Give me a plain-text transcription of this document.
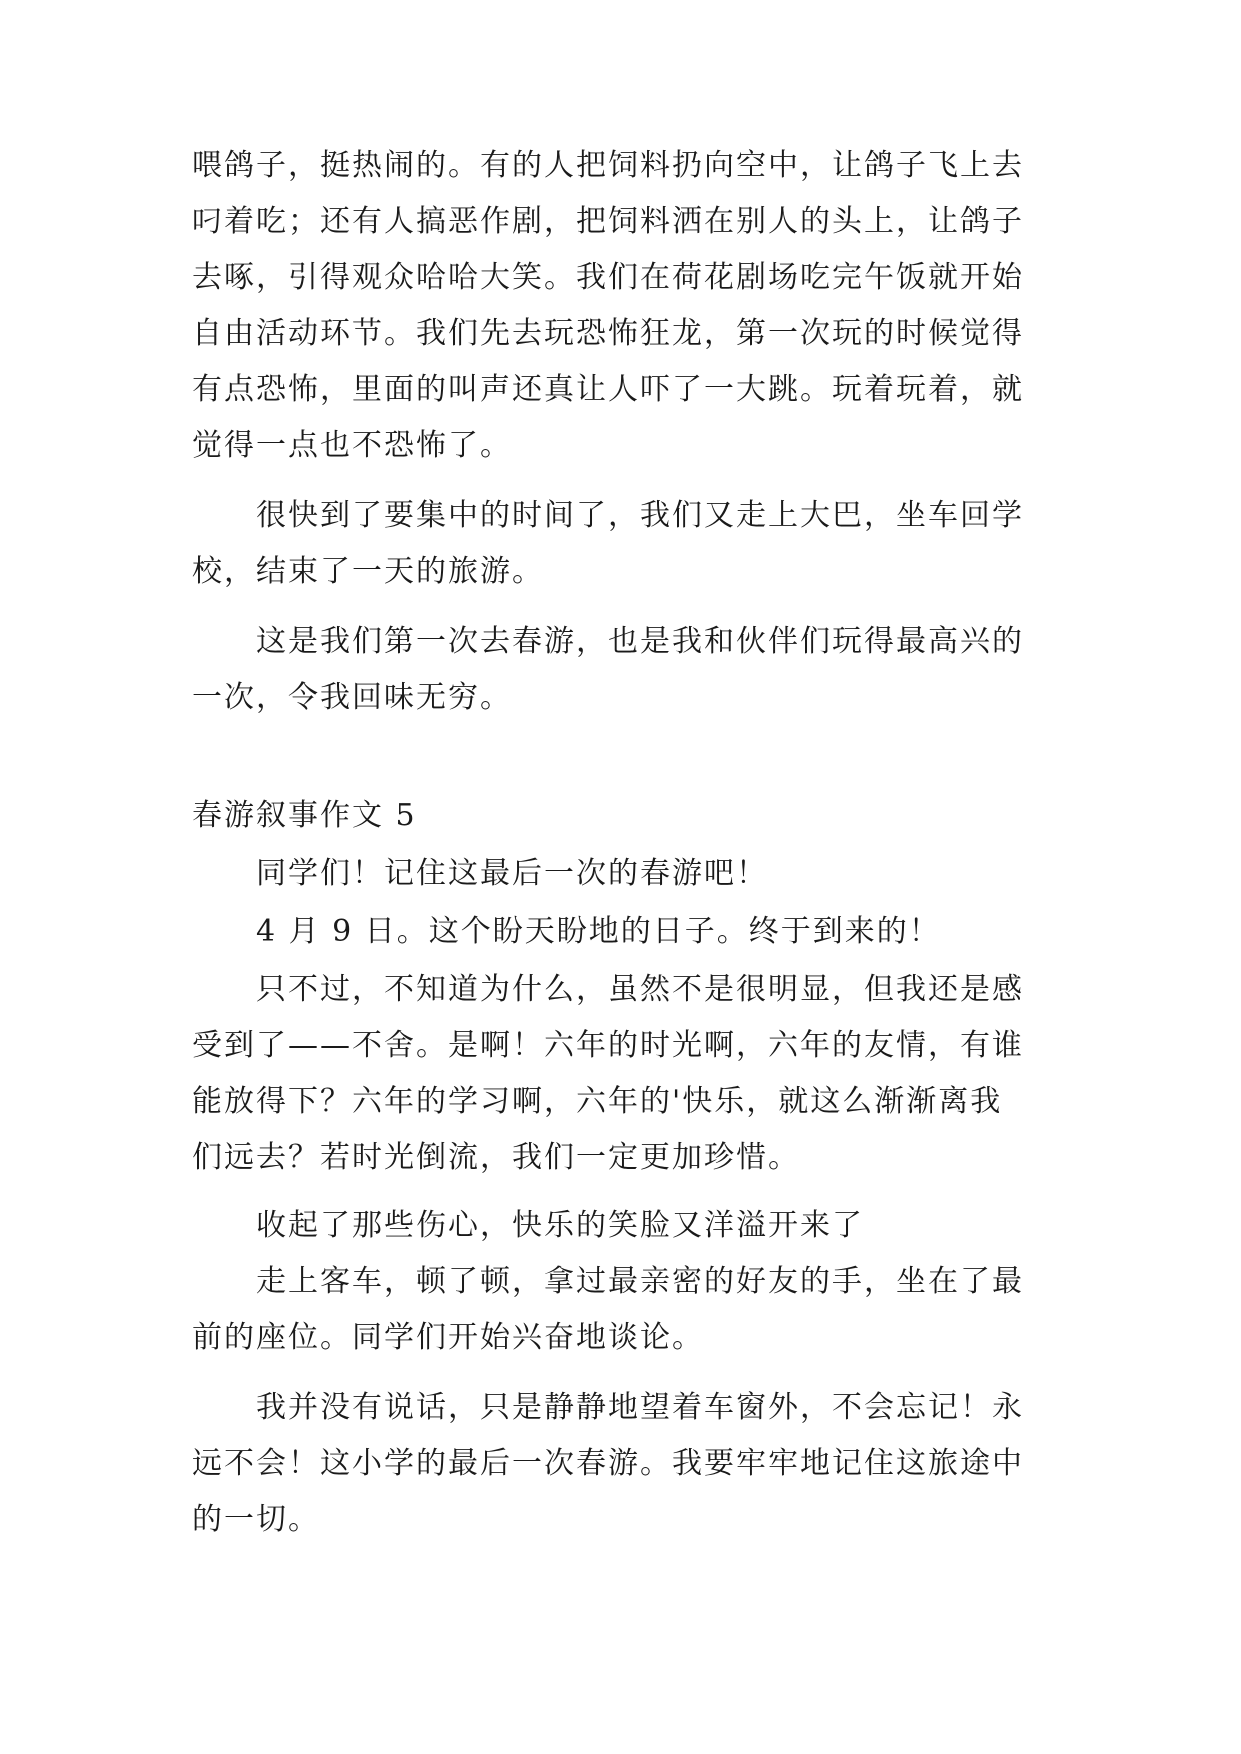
喂鸽子，挺热闹的。有的人把饲料扔向空中，让鸽子飞上去
叼着吃；还有人搞恶作剧，把饲料洒在别人的头上，让鸽子
去啄，引得观众哈哈大笑。我们在荷花剧场吃完午饭就开始
自由活动环节。我们先去玩恐怖狂龙，第一次玩的时候觉得
有点恐怖，里面的叫声还真让人吓了一大跳。玩着玩着，就
觉得一点也不恐怖了。
很快到了要集中的时间了，我们又走上大巴，坐车回学
校，结束了一天的旅游。
这是我们第一次去春游，也是我和伙伴们玩得最高兴的
一次，令我回味无穷。
春游叙事作文 5
同学们！记住这最后一次的春游吧！
4 月 9 日。这个盼天盼地的日子。终于到来的！
只不过，不知道为什么，虽然不是很明显，但我还是感
受到了——不舍。是啊！六年的时光啊，六年的友情，有谁
能放得下？六年的学习啊，六年的'快乐，就这么渐渐离我
们远去？若时光倒流，我们一定更加珍惜。
收起了那些伤心，快乐的笑脸又洋溢开来了
走上客车，顿了顿，拿过最亲密的好友的手，坐在了最
前的座位。同学们开始兴奋地谈论。
我并没有说话，只是静静地望着车窗外，不会忘记！永
远不会！这小学的最后一次春游。我要牢牢地记住这旅途中
的一切。
